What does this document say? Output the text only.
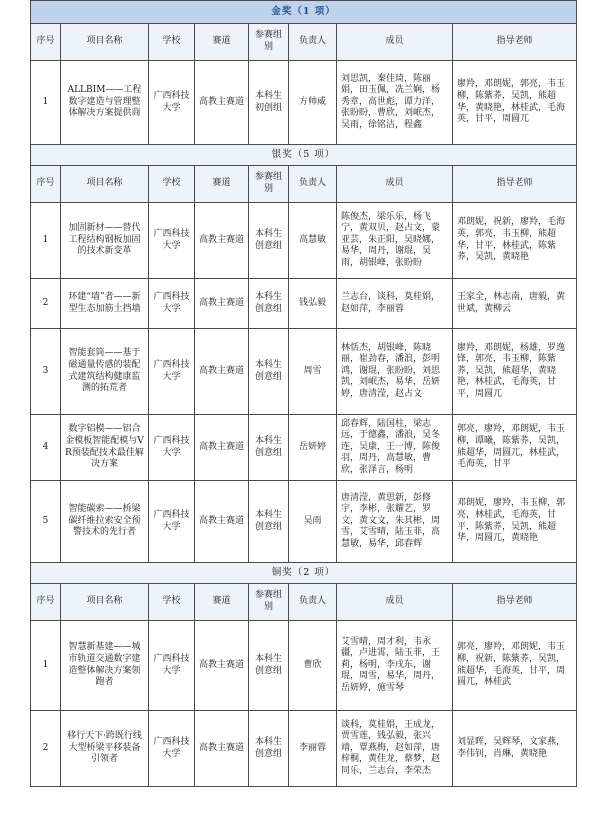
金奖（1 项）							
序号	项目名称	学校	赛道	参赛组别	负责人	成员	指导老师
1	ALLBIM——工程数字建造与管理整体解决方案提供商	广西科技大学	高教主赛道	本科生初创组	方帅威	刘思凯，秦佳琦，陈丽娟，田玉佩，冼兰娴，杨秀章，高世彪，谭力洋，张盼盼，曹欣，刘岷杰，吴雨，徐铭洁，程鑫	廖羚，邓朗妮，郭亮，韦玉柳，陈紫荞，吴凯，熊超华，黄晓艳，林桂武，毛海英，甘平，周圆兀
银奖（5 项）							
序号	项目名称	学校	赛道	参赛组别	负责人	成员	指导老师
1	加固新材——替代工程结构钢板加固的技术新变革	广西科技大学	高教主赛道	本科生创意组	高慧敏	陈俊杰，梁乐乐，杨飞宁，黄双贝，赵占文，蒙亚芸，朱正阳，吴晓娜，易华，周丹，谢琨，吴雨，胡银峰，张盼盼	邓朗妮，祝新，廖羚，毛海英，郭亮，韦玉柳，熊超华，甘平，林桂武，陈紫荞，吴凯，黄晓艳
2	环建“墙”者——新型生态加筋土挡墙	广西科技大学	高教主赛道	本科生创意组	钱弘毅	兰志台，谈科，莫桂娟，赵如萍，李丽蓉	王家全，林志南，唐毅，黄世斌，黄柳云
3	智能套筒——基于磁通量传感的装配式建筑结构健康监测的拓荒者	广西科技大学	高教主赛道	本科生创意组	周雪	林恬杰，胡银峰，陈晓丽，崔劲春，潘浪，彭明鸿，谢琨，张盼盼，刘思凯，刘岷杰，易华，岳妍婷，唐清滢，赵占文	廖羚，邓朗妮，杨雄，罗逸锋，郭亮，韦玉柳，陈紫荞，吴凯，熊超华，黄晓艳，林桂武，毛海英，甘平，周圆兀
4	数字铝模——铝合金模板智能配模与VR预装配技术最佳解决方案	广西科技大学	高教主赛道	本科生创意组	岳妍婷	邱春辉，陆国柱，梁志远，于德鑫，潘浪，吴冬连，吴康，王一博，陈俊羽，周丹，高慧敏，曹欣，张泽言，杨明	郭亮，廖羚，邓朗妮，韦玉柳，谭曦，陈紫荞，吴凯，熊超华，周圆兀，林桂武，毛海英，甘平
5	智能碳索——桥梁碳纤维拉索安全预警技术的先行者	广西科技大学	高教主赛道	本科生创意组	吴雨	唐清滢，黄思新，彭修宇，李彬，张耀艺，罗文，黄文文，朱其彬，周雪，艾雪晴，陆玉菲，高慧敏，易华，邱春辉	邓朗妮，廖羚，韦玉柳，郭亮，林桂武，毛海英，甘平，陈紫荞，吴凯，熊超华，周圆兀，黄晓艳
铜奖（2 项）							
序号	项目名称	学校	赛道	参赛组别	负责人	成员	指导老师
1	智慧新基建——城市轨道交通数字建造整体解决方案领跑者	广西科技大学	高教主赛道	本科生创意组	曹欣	艾雪晴，周才利，韦永疆，卢进霄，陆玉菲，王莉，杨明，李戌东，谢琨，周雪，易华，周丹，岳妍婷，施雪琴	郭亮，廖羚，邓朗妮，韦玉柳，祝新，陈紫荞，吴凯，熊超华，毛海英，甘平，周圆兀，林桂武
2	移行天下·跨既行线大型桥梁平移装备引领者	广西科技大学	高教主赛道	本科生创意组	李丽蓉	谈科，莫桂娟，王成龙，贾雪莲，钱弘毅，张兴靖，覃燕梅，赵如萍，唐梓桐，黄佳龙，蔡梦，赵同乐，兰志台，李荣杰	刘显晖，吴辉琴，文家燕，李伟钊，肖琳，黄晓艳
